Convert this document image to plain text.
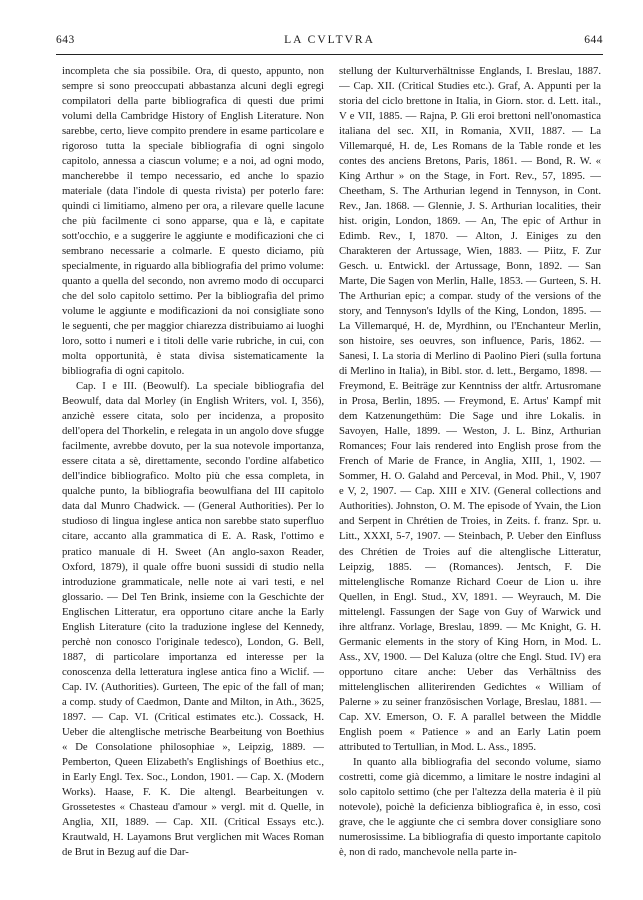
643	LA CVLTVRA	644

incompleta che sia possibile. Ora, di questo, appunto, non sempre si sono preoccupati abbastanza alcuni degli egregi compilatori della parte bibliografica di questi due primi volumi della Cambridge History of English Literature. Non sarebbe, certo, lieve compito prendere in esame particolare e rigoroso tutta la speciale bibliografia di ogni singolo capitolo, annessa a ciascun volume; e a noi, ad ogni modo, mancherebbe il tempo necessario, ed anche lo spazio materiale (data l'indole di questa rivista) per poterlo fare: quindi ci limitiamo, almeno per ora, a rilevare quelle lacune che più facilmente ci sono apparse, qua e là, e capitate sott'occhio, e a suggerire le aggiunte e modificazioni che ci sembrano necessarie a colmarle. E questo diciamo, più specialmente, in riguardo alla bibliografia del primo volume: quanto a quella del secondo, non avremo modo di occuparci che del solo capitolo settimo. Per la bibliografia del primo volume le aggiunte e modificazioni da noi consigliate sono le seguenti, che per maggior chiarezza distribuiamo ai luoghi loro, sotto i numeri e i titoli delle varie rubriche, in cui, con molta opportunità, è stata divisa sistematicamente la bibliografia di ogni capitolo.

Cap. I e III. (Beowulf). La speciale bibliografia del Beowulf, data dal Morley (in English Writers, vol. I, 356), anzichè essere citata, solo per incidenza, a proposito dell'opera del Thorkelin, e relegata in un angolo dove sfugge facilmente, avrebbe dovuto, per la sua notevole importanza, essere citata a sè, direttamente, secondo l'ordine alfabetico dell'indice bibliografico. Molto più che essa completa, in qualche punto, la bibliografia beowulfiana del III capitolo data dal Munro Chadwick. — (General Authorities). Per lo studioso di lingua inglese antica non sarebbe stato superfluo citare, accanto alla grammatica di E. A. Rask, l'ottimo e pratico manuale di H. Sweet (An anglo-saxon Reader, Oxford, 1879), il quale offre buoni sussidi di studio nella introduzione grammaticale, nelle note ai vari testi, e nel glossario. — Del Ten Brink, insieme con la Geschichte der Englischen Litteratur, era opportuno citare anche la Early English Literature (cito la traduzione inglese del Kennedy, perchè non conosco l'originale tedesco), London, G. Bell, 1887, di particolare importanza ed interesse per la conoscenza della letteratura inglese antica fino a Wiclif. — Cap. IV. (Authorities). Gurteen, The epic of the fall of man; a comp. study of Caedmon, Dante and Milton, in Ath., 3625, 1897. — Cap. VI. (Critical estimates etc.). Cossack, H. Ueber die altenglische metrische Bearbeitung von Boethius « De Consolatione philosophiae », Leipzig, 1889. — Pemberton, Queen Elizabeth's Englishings of Boethius etc., in Early Engl. Tex. Soc., London, 1901. — Cap. X. (Modern Works). Haase, F. K. Die altengl. Bearbeitungen v. Grossetestes « Chasteau d'amour » vergl. mit d. Quelle, in Anglia, XII, 1889. — Cap. XII. (Critical Essays etc.). Krautwald, H. Layamons Brut verglichen mit Waces Roman de Brut in Bezug auf die Dar-

stellung der Kulturverhältnisse Englands, I. Breslau, 1887. — Cap. XII. (Critical Studies etc.). Graf, A. Appunti per la storia del ciclo brettone in Italia, in Giorn. stor. d. Lett. ital., V e VII, 1885. — Rajna, P. Gli eroi brettoni nell'onomastica italiana del sec. XII, in Romania, XVII, 1887. — La Villemarqué, H. de, Les Romans de la Table ronde et les contes des anciens Bretons, Paris, 1861. — Bond, R. W. « King Arthur » on the Stage, in Fort. Rev., 57, 1895. — Cheetham, S. The Arthurian legend in Tennyson, in Cont. Rev., Jan. 1868. — Glennie, J. S. Arthurian localities, their hist. origin, London, 1869. — An, The epic of Arthur in Edimb. Rev., I, 1870. — Alton, J. Einiges zu den Charakteren der Artussage, Wien, 1883. — Piitz, F. Zur Gesch. u. Entwickl. der Artussage, Bonn, 1892. — San Marte, Die Sagen von Merlin, Halle, 1853. — Gurteen, S. H. The Arthurian epic; a compar. study of the versions of the story, and Tennyson's Idylls of the King, London, 1895. — La Villemarqué, H. de, Myrdhinn, ou l'Enchanteur Merlin, son histoire, ses oeuvres, son influence, Paris, 1862. — Sanesi, I. La storia di Merlino di Paolino Pieri (sulla fortuna di Merlino in Italia), in Bibl. stor. d. lett., Bergamo, 1898. — Freymond, E. Beiträge zur Kenntniss der altfr. Artusromane in Prosa, Berlin, 1895. — Freymond, E. Artus' Kampf mit dem Katzenungethüm: Die Sage und ihre Lokalis. in Savoyen, Halle, 1899. — Weston, J. L. Binz, Arthurian Romances; Four lais rendered into English prose from the French of Marie de France, in Anglia, XIII, 1, 1902. — Sommer, H. O. Galahd and Perceval, in Mod. Phil., V, 1907 e V, 2, 1907. — Cap. XIII e XIV. (General collections and Authorities). Johnston, O. M. The episode of Yvain, the Lion and Serpent in Chrétien de Troies, in Zeits. f. franz. Spr. u. Litt., XXXI, 5-7, 1907. — Steinbach, P. Ueber den Einfluss des Chrétien de Troies auf die altenglische Litteratur, Leipzig, 1885. — (Romances). Jentsch, F. Die mittelenglische Romanze Richard Coeur de Lion u. ihre Quellen, in Engl. Stud., XV, 1891. — Weyrauch, M. Die mittelengl. Fassungen der Sage von Guy of Warwick und ihre altfranz. Vorlage, Breslau, 1899. — Mc Knight, G. H. Germanic elements in the story of King Horn, in Mod. L. Ass., XV, 1900. — Del Kaluza (oltre che Engl. Stud. IV) era opportuno citare anche: Ueber das Verhältniss des mittelenglischen alliterirenden Gedichtes « William of Palerne » zu seiner französischen Vorlage, Breslau, 1881. — Cap. XV. Emerson, O. F. A parallel between the Middle English poem « Patience » and an Early Latin poem attributed to Tertullian, in Mod. L. Ass., 1895.

In quanto alla bibliografia del secondo volume, siamo costretti, come già dicemmo, a limitare le nostre indagini al solo capitolo settimo (che per l'altezza della materia è il più notevole), poichè la deficienza bibliografica è, in esso, così grave, che le aggiunte che ci sembra dover consigliare sono numerosissime. La bibliografia di questo importante capitolo è, non di rado, manchevole nella parte in-
